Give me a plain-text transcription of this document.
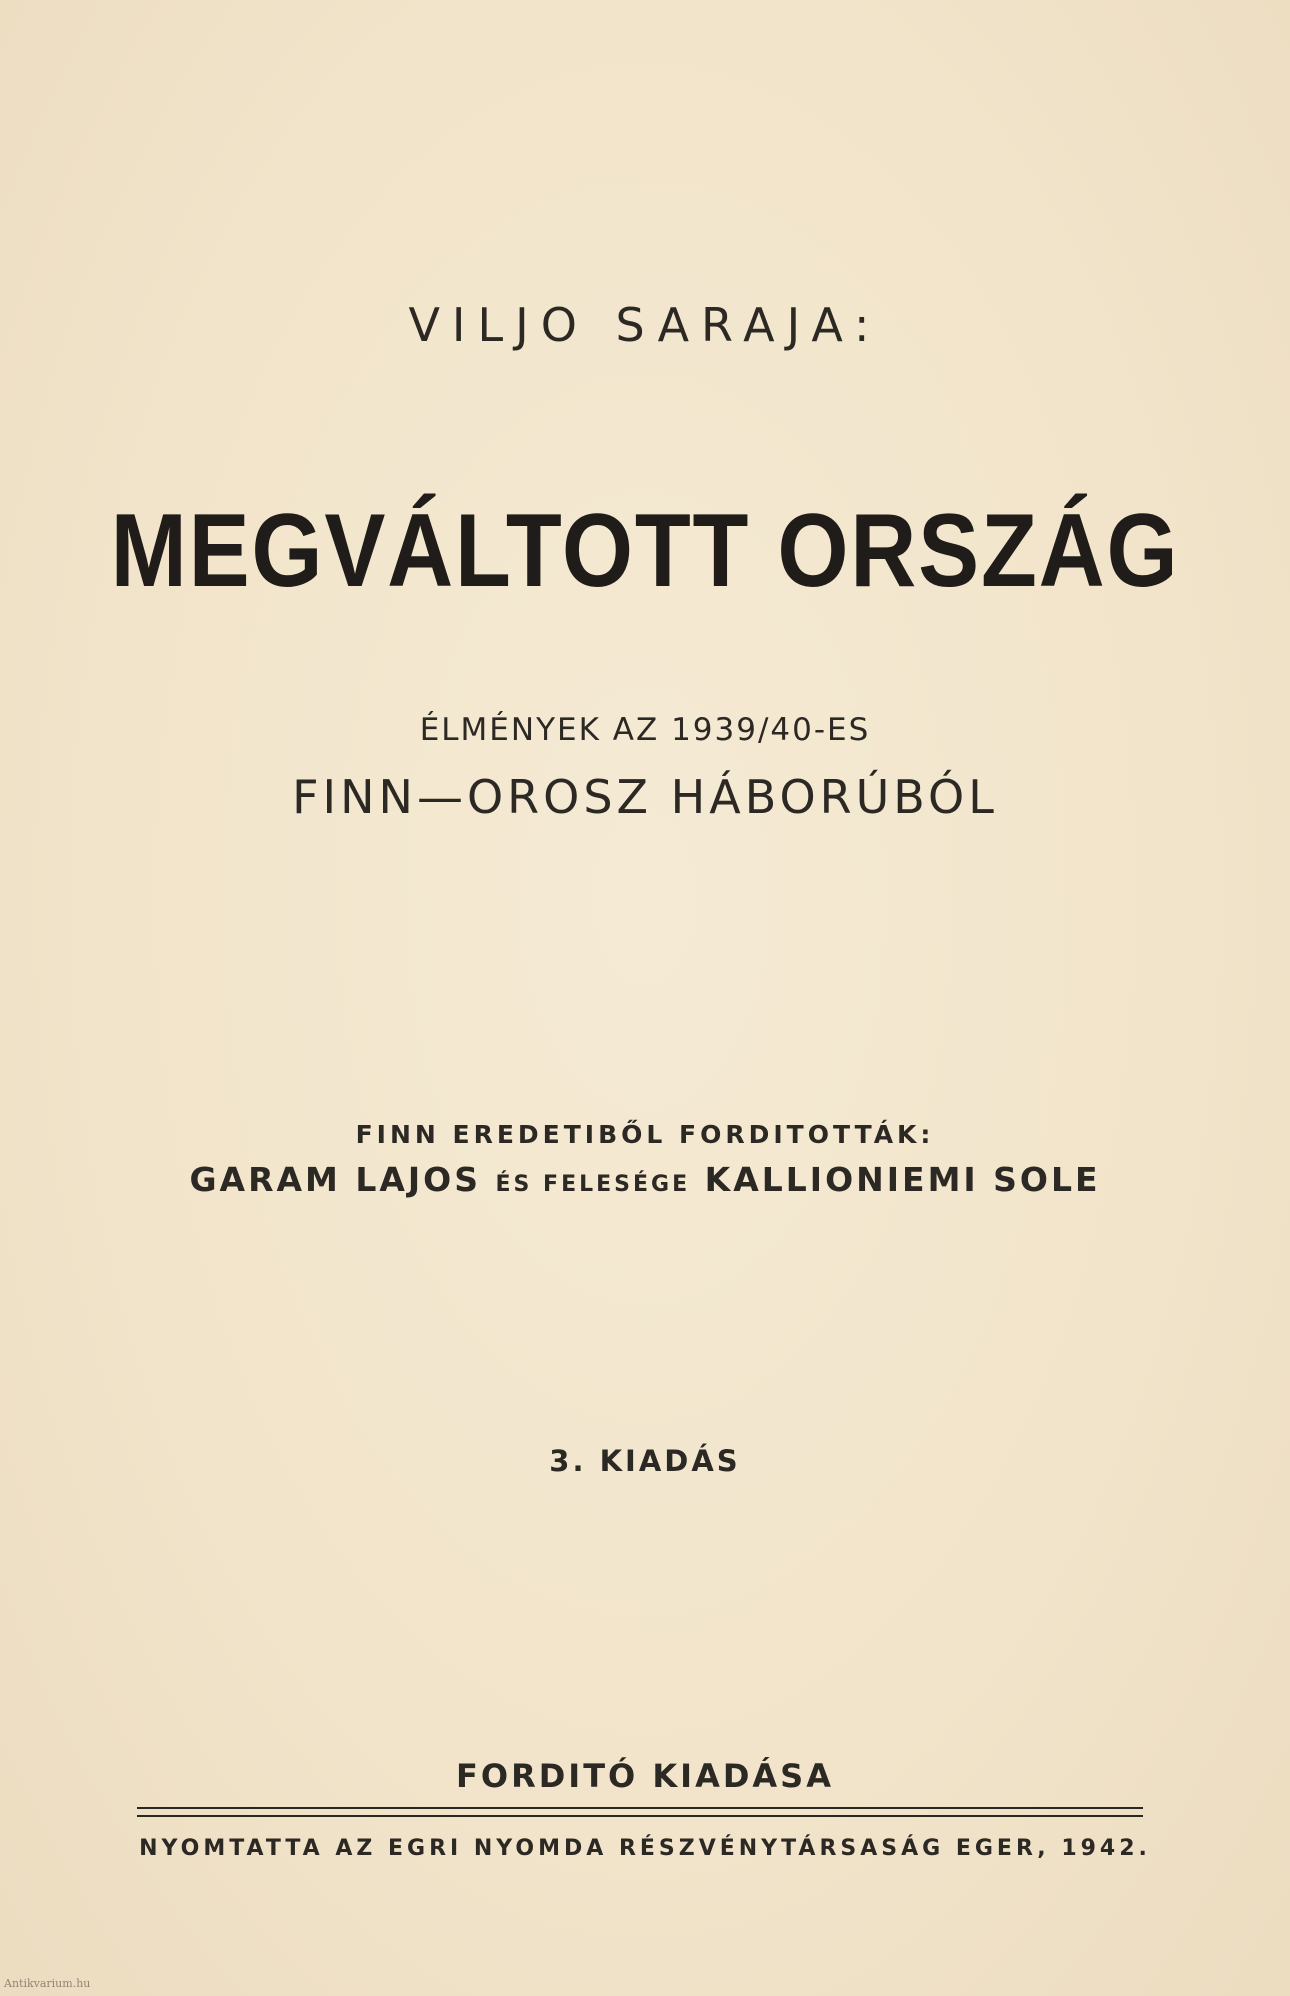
VILJO SARAJA:
MEGVÁLTOTT ORSZÁG
ÉLMÉNYEK AZ 1939/40-ES
FINN—OROSZ HÁBORÚBÓL
FINN EREDETIBŐL FORDITOTTÁK:
GARAM LAJOS ÉS FELESÉGE KALLIONIEMI SOLE
3. KIADÁS
FORDITÓ KIADÁSA
NYOMTATTA AZ EGRI NYOMDA RÉSZVÉNYTÁRSASÁG EGER, 1942.
Antikvarium.hu
